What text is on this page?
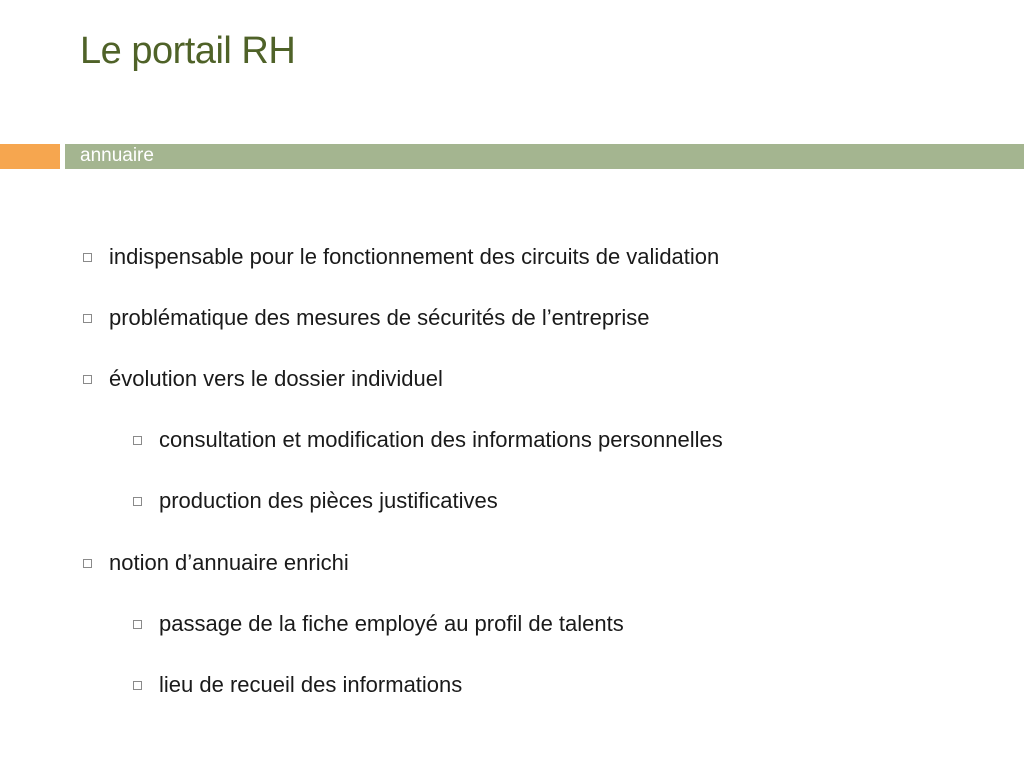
Le portail RH
annuaire
indispensable pour le fonctionnement des circuits de validation
problématique des mesures de sécurités de l’entreprise
évolution vers le dossier individuel
consultation et modification des informations personnelles
production des pièces justificatives
notion d’annuaire enrichi
passage de la fiche employé au profil de talents
lieu de recueil des informations
